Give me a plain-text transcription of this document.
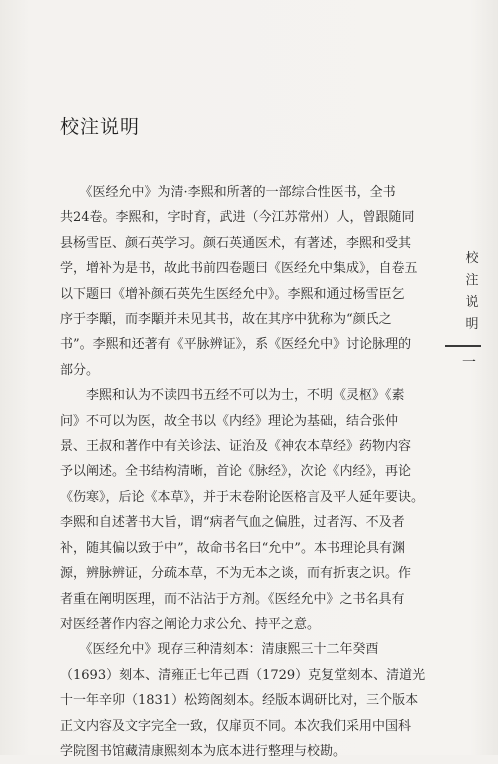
校注说明
　　《医经允中》为清·李熙和所著的一部综合性医书，全书
共24卷。李熙和，字时育，武进（今江苏常州）人，曾跟随同
县杨雪臣、颜石英学习。颜石英通医术，有著述，李熙和受其
学，增补为是书，故此书前四卷题曰《医经允中集成》，自卷五
以下题曰《增补颜石英先生医经允中》。李熙和通过杨雪臣乞
序于李顒，而李顒并未见其书，故在其序中犹称为“颜氏之
书”。李熙和还著有《平脉辨证》，系《医经允中》讨论脉理的
部分。
　　李熙和认为不读四书五经不可以为士，不明《灵枢》《素
问》不可以为医，故全书以《内经》理论为基础，结合张仲
景、王叔和著作中有关诊法、证治及《神农本草经》药物内容
予以阐述。全书结构清晰，首论《脉经》，次论《内经》，再论
《伤寒》，后论《本草》，并于末卷附论医格言及平人延年要诀。
李熙和自述著书大旨，谓“病者气血之偏胜，过者泻、不及者
补，随其偏以致于中”，故命书名曰“允中”。本书理论具有渊
源，辨脉辨证，分疏本草，不为无本之谈，而有折衷之识。作
者重在阐明医理，而不沾沾于方剂。《医经允中》之书名具有
对医经著作内容之阐论力求公允、持平之意。
　　《医经允中》现存三种清刻本：清康熙三十二年癸酉
（1693）刻本、清雍正七年己酉（1729）克复堂刻本、清道光
十一年辛卯（1831）松筠阁刻本。经版本调研比对，三个版本
正文内容及文字完全一致，仅扉页不同。本次我们采用中国科
学院图书馆藏清康熙刻本为底本进行整理与校勘。
校
注
说
明
一
